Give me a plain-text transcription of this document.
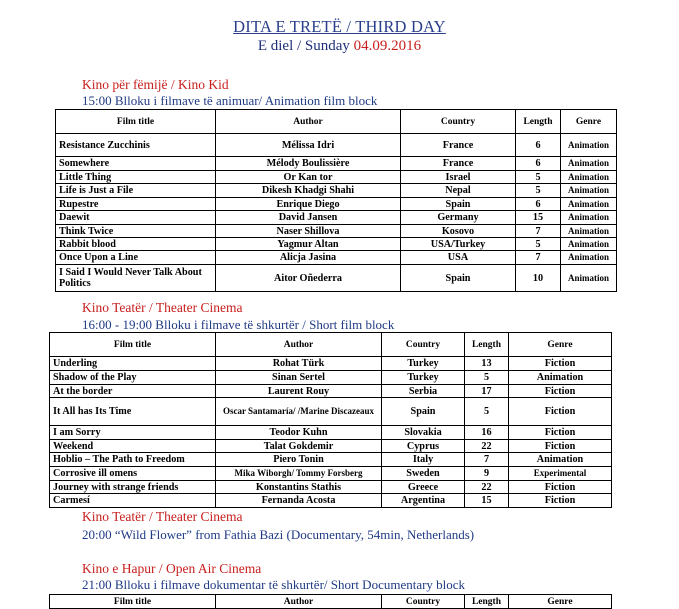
DITA E TRETË / THIRD DAY
E diel / Sunday 04.09.2016
Kino për fëmijë / Kino Kid
15:00 Blloku i filmave të animuar/ Animation film block
Film title	Author	Country	Length	Genre
Resistance Zucchinis	Mélissa Idri	France	6	Animation
Somewhere	Mélody Boulissière	France	6	Animation
Little Thing	Or Kan tor	Israel	5	Animation
Life is Just a File	Dikesh Khadgi Shahi	Nepal	5	Animation
Rupestre	Enrique Diego	Spain	6	Animation
Daewit	David Jansen	Germany	15	Animation
Think Twice	Naser Shillova	Kosovo	7	Animation
Rabbit blood	Yagmur Altan	USA/Turkey	5	Animation
Once Upon a Line	Alicja Jasina	USA	7	Animation
I Said I Would Never Talk About Politics	Aitor Oñederra	Spain	10	Animation
Kino Teatër / Theater Cinema
16:00 - 19:00 Blloku i filmave të shkurtër / Short film block
Film title	Author	Country	Length	Genre
Underling	Rohat Türk	Turkey	13	Fiction
Shadow of the Play	Sinan Sertel	Turkey	5	Animation
At the border	Laurent Rouy	Serbia	17	Fiction
It All has Its Time	Oscar Santamaría/ /Marine Discazeaux	Spain	5	Fiction
I am Sorry	Teodor Kuhn	Slovakia	16	Fiction
Weekend	Talat Gokdemir	Cyprus	22	Fiction
Hoblio – The Path to Freedom	Piero Tonin	Italy	7	Animation
Corrosive ill omens	Mika Wiborgh/ Tommy Forsberg	Sweden	9	Experimental
Journey with strange friends	Konstantins Stathis	Greece	22	Fiction
Carmesí	Fernanda Acosta	Argentina	15	Fiction
Kino Teatër / Theater Cinema
20:00 “Wild Flower” from Fathia Bazi (Documentary, 54min, Netherlands)
Kino e Hapur / Open Air Cinema
21:00 Blloku i filmave dokumentar të shkurtër/ Short Documentary block
Film title	Author	Country	Length	Genre
